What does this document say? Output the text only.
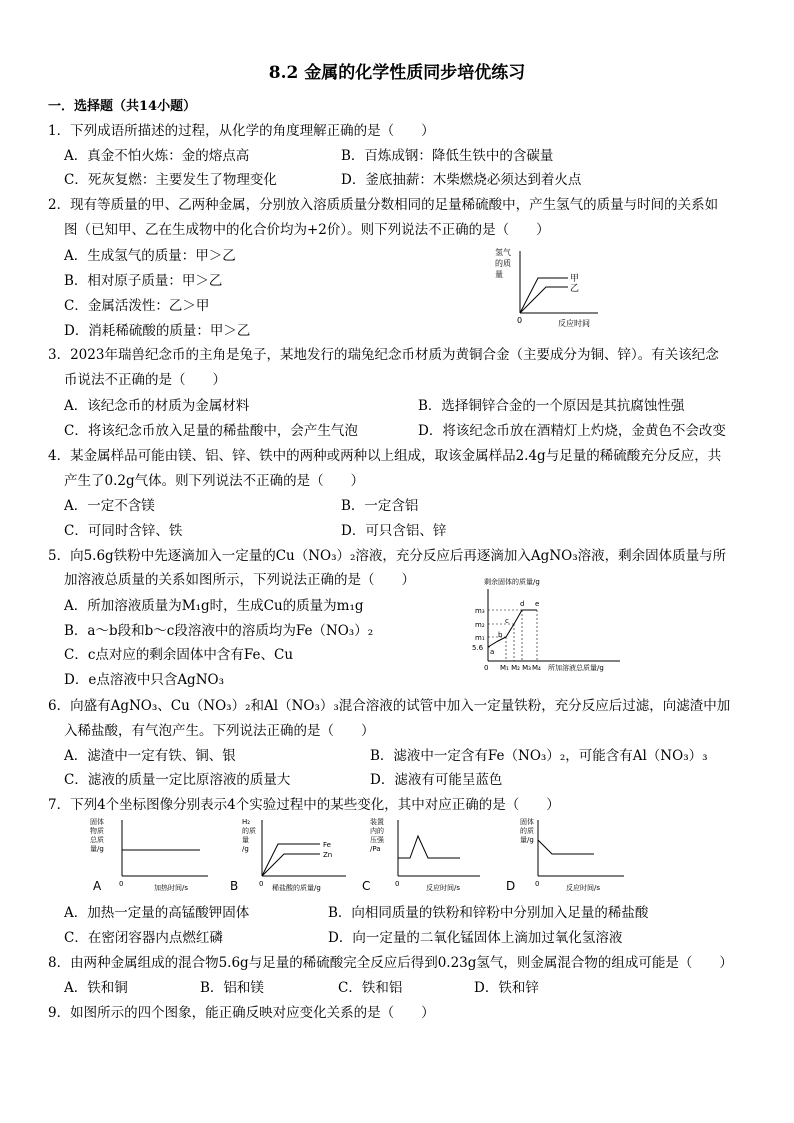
8.2 金属的化学性质同步培优练习
一．选择题（共14小题）
1．下列成语所描述的过程，从化学的角度理解正确的是（　　）
A．真金不怕火炼：金的熔点高	B．百炼成钢：降低生铁中的含碳量
C．死灰复燃：主要发生了物理变化	D．釜底抽薪：木柴燃烧必须达到着火点
2．现有等质量的甲、乙两种金属，分别放入溶质质量分数相同的足量稀硫酸中，产生氢气的质量与时间的关系如
图（已知甲、乙在生成物中的化合价均为+2价）。则下列说法不正确的是（　　）
A．生成氢气的质量：甲＞乙
B．相对原子质量：甲＞乙
C．金属活泼性：乙＞甲
D．消耗稀硫酸的质量：甲＞乙
氢气
的质
量	甲
乙
0	反应时间
3．2023年瑞兽纪念币的主角是兔子，某地发行的瑞兔纪念币材质为黄铜合金（主要成分为铜、锌）。有关该纪念
币说法不正确的是（　　）
A．该纪念币的材质为金属材料	B．选择铜锌合金的一个原因是其抗腐蚀性强
C．将该纪念币放入足量的稀盐酸中，会产生气泡	D．将该纪念币放在酒精灯上灼烧，金黄色不会改变
4．某金属样品可能由镁、铝、锌、铁中的两种或两种以上组成，取该金属样品2.4g与足量的稀硫酸充分反应，共
产生了0.2g气体。则下列说法不正确的是（　　）
A．一定不含镁	B．一定含铝
C．可同时含锌、铁	D．可只含铝、锌
5．向5.6g铁粉中先逐滴加入一定量的Cu（NO₃）₂溶液，充分反应后再逐滴加入AgNO₃溶液，剩余固体质量与所
加溶液总质量的关系如图所示，下列说法正确的是（　　）
A．所加溶液质量为M₁g时，生成Cu的质量为m₁g
B．a～b段和b～c段溶液中的溶质均为Fe（NO₃）₂
C．c点对应的剩余固体中含有Fe、Cu
D．e点溶液中只含AgNO₃
剩余固体的质量/g
m₃
m₂
m₁
5.6
0 M₁ M₂ M₃ M₄ 所加溶液总质量/g
a
b
c
d e
6．向盛有AgNO₃、Cu（NO₃）₂和Al（NO₃）₃混合溶液的试管中加入一定量铁粉，充分反应后过滤，向滤渣中加
入稀盐酸，有气泡产生。下列说法正确的是（　　）
A．滤渣中一定有铁、铜、银	B．滤液中一定含有Fe（NO₃）₂，可能含有Al（NO₃）₃
C．滤液的质量一定比原溶液的质量大	D．滤液有可能呈蓝色
7．下列4个坐标图像分别表示4个实验过程中的某些变化，其中对应正确的是（　　）
固体
物质
总质
量/g
A	0	加热时间/s
H₂
的质
量
/g	Fe
Zn
B	0 稀盐酸的质量/g
装置
内的
压强
/Pa
C	0	反应时间/s
固体
的质
量/g
D	0	反应时间/s
A．加热一定量的高锰酸钾固体	B．向相同质量的铁粉和锌粉中分别加入足量的稀盐酸
C．在密闭容器内点燃红磷	D．向一定量的二氧化锰固体上滴加过氧化氢溶液
8．由两种金属组成的混合物5.6g与足量的稀硫酸完全反应后得到0.23g氢气，则金属混合物的组成可能是（　　）
A．铁和铜	B．铝和镁	C．铁和铝	D．铁和锌
9．如图所示的四个图象，能正确反映对应变化关系的是（　　）
